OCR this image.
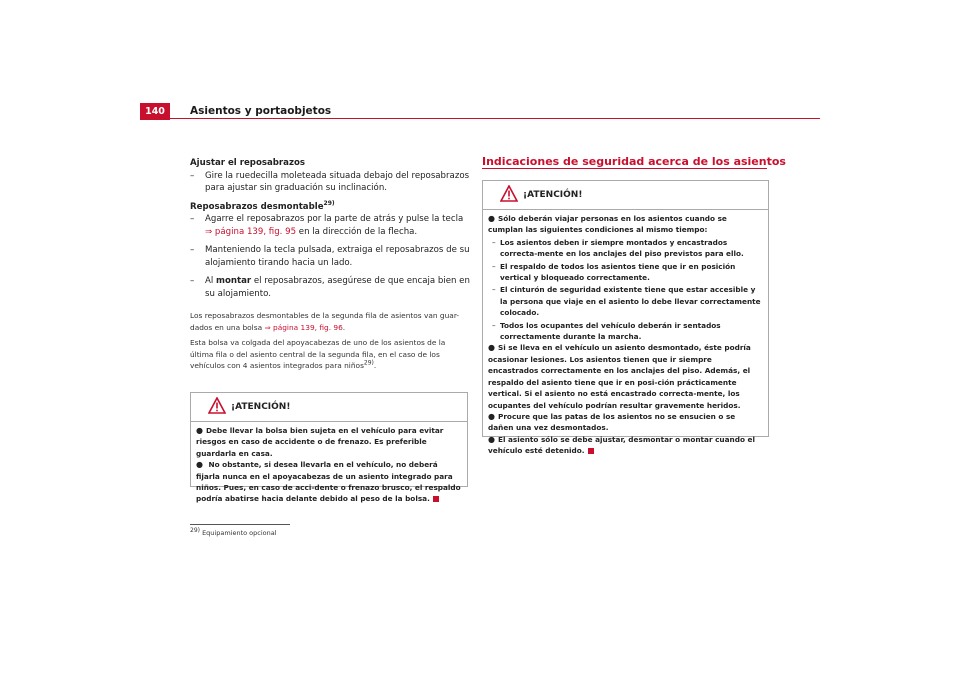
140	Asientos y portaobjetos
Ajustar el reposabrazos
– Gire la ruedecilla moleteada situada debajo del reposabrazos para ajustar sin graduación su inclinación.
Reposabrazos desmontable$^{29)}$
– Agarre el reposabrazos por la parte de atrás y pulse la tecla
⇒ página 139, fig. 95 en la dirección de la flecha.
– Manteniendo la tecla pulsada, extraiga el reposabrazos de su alojamiento tirando hacia un lado.
– Al montar el reposabrazos, asegúrese de que encaja bien en su alojamiento.
Los reposabrazos desmontables de la segunda fila de asientos van guar-dados en una bolsa ⇒ página 139, fig. 96.
Esta bolsa va colgada del apoyacabezas de uno de los asientos de la última fila o del asiento central de la segunda fila, en el caso de los vehículos con 4 asientos integrados para niños$^{29)}$.
¡ATENCIÓN!

● Debe llevar la bolsa bien sujeta en el vehículo para evitar riesgos en caso de accidente o de frenazo. Es preferible guardarla en casa.

● No obstante, si desea llevarla en el vehículo, no deberá fijarla nunca en el apoyacabezas de un asiento integrado para niños. Pues, en caso de acci-dente o frenazo brusco, el respaldo podría abatirse hacia delante debido al peso de la bolsa.

Indicaciones de seguridad acerca de los asientos
¡ATENCIÓN!

● Sólo deberán viajar personas en los asientos cuando se cumplan las siguientes condiciones al mismo tiempo:

– Los asientos deben ir siempre montados y encastrados correcta-mente en los anclajes del piso previstos para ello.
– El respaldo de todos los asientos tiene que ir en posición vertical y bloqueado correctamente.
– El cinturón de seguridad existente tiene que estar accesible y la persona que viaje en el asiento lo debe llevar correctamente colocado.
– Todos los ocupantes del vehículo deberán ir sentados correctamente durante la marcha.

● Si se lleva en el vehículo un asiento desmontado, éste podría ocasionar lesiones. Los asientos tienen que ir siempre encastrados correctamente en los anclajes del piso. Además, el respaldo del asiento tiene que ir en posi-ción prácticamente vertical. Si el asiento no está encastrado correcta-mente, los ocupantes del vehículo podrían resultar gravemente heridos.

● Procure que las patas de los asientos no se ensucien o se dañen una vez desmontados.

● El asiento sólo se debe ajustar, desmontar o montar cuando el vehículo esté detenido.

29) Equipamiento opcional
